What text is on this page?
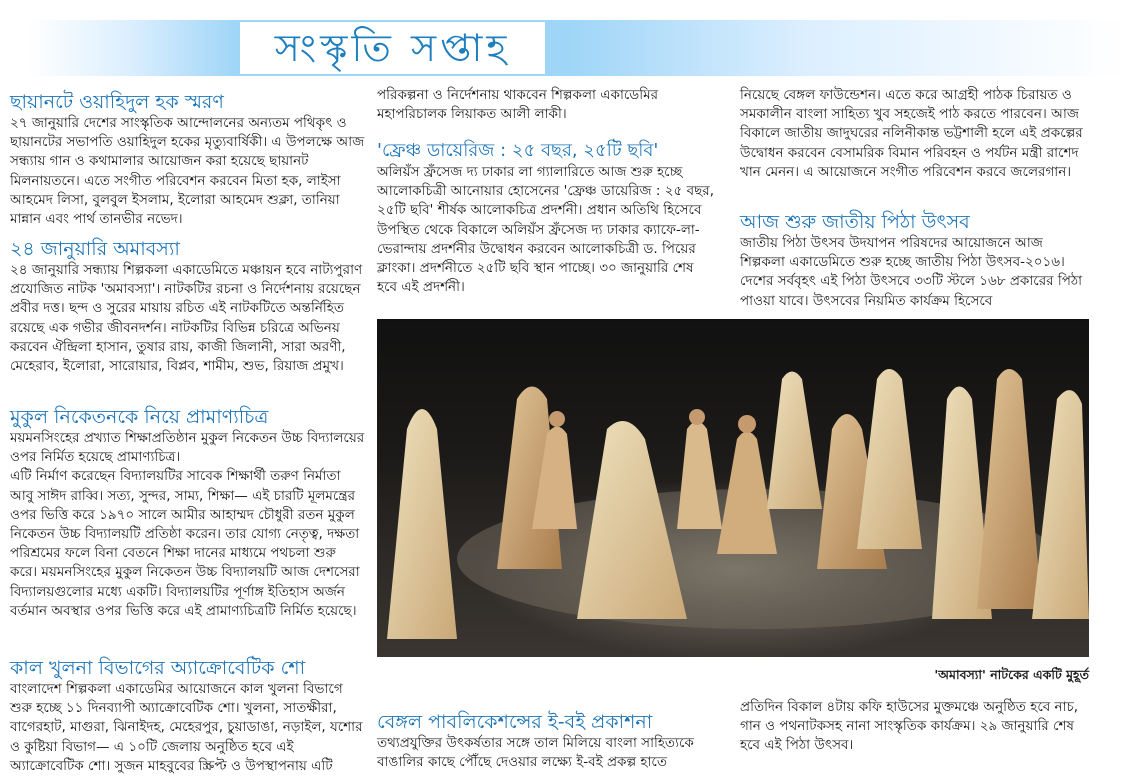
সংস্কৃতি সপ্তাহ
ছায়ানটে ওয়াহিদুল হক স্মরণ

২৭ জানুয়ারি দেশের সাংস্কৃতিক আন্দোলনের অন্যতম পথিকৃৎ ও ছায়ানটের সভাপতি ওয়াহিদুল হকের মৃত্যুবার্ষিকী। এ উপলক্ষে আজ সন্ধ্যায় গান ও কথামালার আয়োজন করা হয়েছে ছায়ানট মিলনায়তনে। এতে সংগীত পরিবেশন করবেন মিতা হক, লাইসা আহমেদ লিসা, বুলবুল ইসলাম, ইলোরা আহমেদ শুক্লা, তানিয়া মান্নান এবং পার্থ তানভীর নভেদ।

২৪ জানুয়ারি অমাবস্যা

২৪ জানুয়ারি সন্ধ্যায় শিল্পকলা একাডেমিতে মঞ্চায়ন হবে নাট্যপুরাণ প্রযোজিত নাটক 'অমাবস্যা'। নাটকটির রচনা ও নির্দেশনায় রয়েছেন প্রবীর দত্ত। ছন্দ ও সুরের মায়ায় রচিত এই নাটকটিতে অন্তর্নিহিত রয়েছে এক গভীর জীবনদর্শন। নাটকটির বিভিন্ন চরিত্রে অভিনয় করবেন ঐন্দ্রিলা হাসান, তুষার রায়, কাজী জিলানী, সারা অরণী, মেহেরাব, ইলোরা, সারোয়ার, বিপ্লব, শামীম, শুভ, রিয়াজ প্রমুখ।

মুকুল নিকেতনকে নিয়ে প্রামাণ্যচিত্র

ময়মনসিংহের প্রখ্যাত শিক্ষাপ্রতিষ্ঠান মুকুল নিকেতন উচ্চ বিদ্যালয়ের ওপর নির্মিত হয়েছে প্রামাণ্যচিত্র।
এটি নির্মাণ করেছেন বিদ্যালয়টির সাবেক শিক্ষার্থী তরুণ নির্মাতা আবু সাঈদ রাব্বি। সত্য, সুন্দর, সাম্য, শিক্ষা— এই চারটি মূলমন্ত্রের ওপর ভিত্তি করে ১৯৭০ সালে আমীর আহাম্মদ চৌধুরী রতন মুকুল নিকেতন উচ্চ বিদ্যালয়টি প্রতিষ্ঠা করেন। তার যোগ্য নেতৃত্ব, দক্ষতা পরিশ্রমের ফলে বিনা বেতনে শিক্ষা দানের মাধ্যমে পথচলা শুরু করে। ময়মনসিংহের মুকুল নিকেতন উচ্চ বিদ্যালয়টি আজ দেশসেরা বিদ্যালয়গুলোর মধ্যে একটি। বিদ্যালয়টির পূর্ণাঙ্গ ইতিহাস অর্জন বর্তমান অবস্থার ওপর ভিত্তি করে এই প্রামাণ্যচিত্রটি নির্মিত হয়েছে।

কাল খুলনা বিভাগের অ্যাক্রোবেটিক শো

বাংলাদেশ শিল্পকলা একাডেমির আয়োজনে কাল খুলনা বিভাগে শুরু হচ্ছে ১১ দিনব্যাপী অ্যাক্রোবেটিক শো। খুলনা, সাতক্ষীরা, বাগেরহাট, মাগুরা, ঝিনাইদহ, মেহেরপুর, চুয়াডাঙা, নড়াইল, যশোর ও কুষ্টিয়া বিভাগ— এ ১০টি জেলায় অনুষ্ঠিত হবে এই অ্যাক্রোবেটিক শো। সুজন মাহবুবের স্ক্রিপ্ট ও উপস্থাপনায় এটি

পরিকল্পনা ও নির্দেশনায় থাকবেন শিল্পকলা একাডেমির মহাপরিচালক লিয়াকত আলী লাকী।

'ফ্রেঞ্চ ডায়েরিজ : ২৫ বছর, ২৫টি ছবি'

অলিয়ঁস ফ্রঁসেজ দ্য ঢাকার লা গ্যালারিতে আজ শুরু হচ্ছে আলোকচিত্রী আনোয়ার হোসেনের 'ফ্রেঞ্চ ডায়েরিজ : ২৫ বছর, ২৫টি ছবি' শীর্ষক আলোকচিত্র প্রদর্শনী। প্রধান অতিথি হিসেবে উপস্থিত থেকে বিকালে অলিয়ঁস ফ্রঁসেজ দ্য ঢাকার ক্যাফে-লা-ভেরান্দায় প্রদর্শনীর উদ্বোধন করবেন আলোকচিত্রী ড. পিয়ের ক্লাংকা। প্রদর্শনীতে ২৫টি ছবি স্থান পাচ্ছে। ৩০ জানুয়ারি শেষ হবে এই প্রদর্শনী।

নিয়েছে বেঙ্গল ফাউন্ডেশন। এতে করে আগ্রহী পাঠক চিরায়ত ও সমকালীন বাংলা সাহিত্য খুব সহজেই পাঠ করতে পারবেন। আজ বিকালে জাতীয় জাদুঘরের নলিনীকান্ত ভট্টশালী হলে এই প্রকল্পের উদ্বোধন করবেন বেসামরিক বিমান পরিবহন ও পর্যটন মন্ত্রী রাশেদ খান মেনন। এ আয়োজনে সংগীত পরিবেশন করবে জলেরগান।

আজ শুরু জাতীয় পিঠা উৎসব

জাতীয় পিঠা উৎসব উদযাপন পরিষদের আয়োজনে আজ শিল্পকলা একাডেমিতে শুরু হচ্ছে জাতীয় পিঠা উৎসব-২০১৬। দেশের সর্ববৃহৎ এই পিঠা উৎসবে ৩৩টি স্টলে ১৬৮ প্রকারের পিঠা পাওয়া যাবে। উৎসবের নিয়মিত কার্যক্রম হিসেবে

'অমাবস্যা' নাটকের একটি মুহূর্ত
বেঙ্গল পাবলিকেশন্সের ই-বই প্রকাশনা

তথ্যপ্রযুক্তির উৎকর্ষতার সঙ্গে তাল মিলিয়ে বাংলা সাহিত্যকে বাঙালির কাছে পৌঁছে দেওয়ার লক্ষ্যে ই-বই প্রকল্প হাতে

প্রতিদিন বিকাল ৪টায় কফি হাউসের মুক্তমঞ্চে অনুষ্ঠিত হবে নাচ, গান ও পথনাটকসহ নানা সাংস্কৃতিক কার্যক্রম। ২৯ জানুয়ারি শেষ হবে এই পিঠা উৎসব।
